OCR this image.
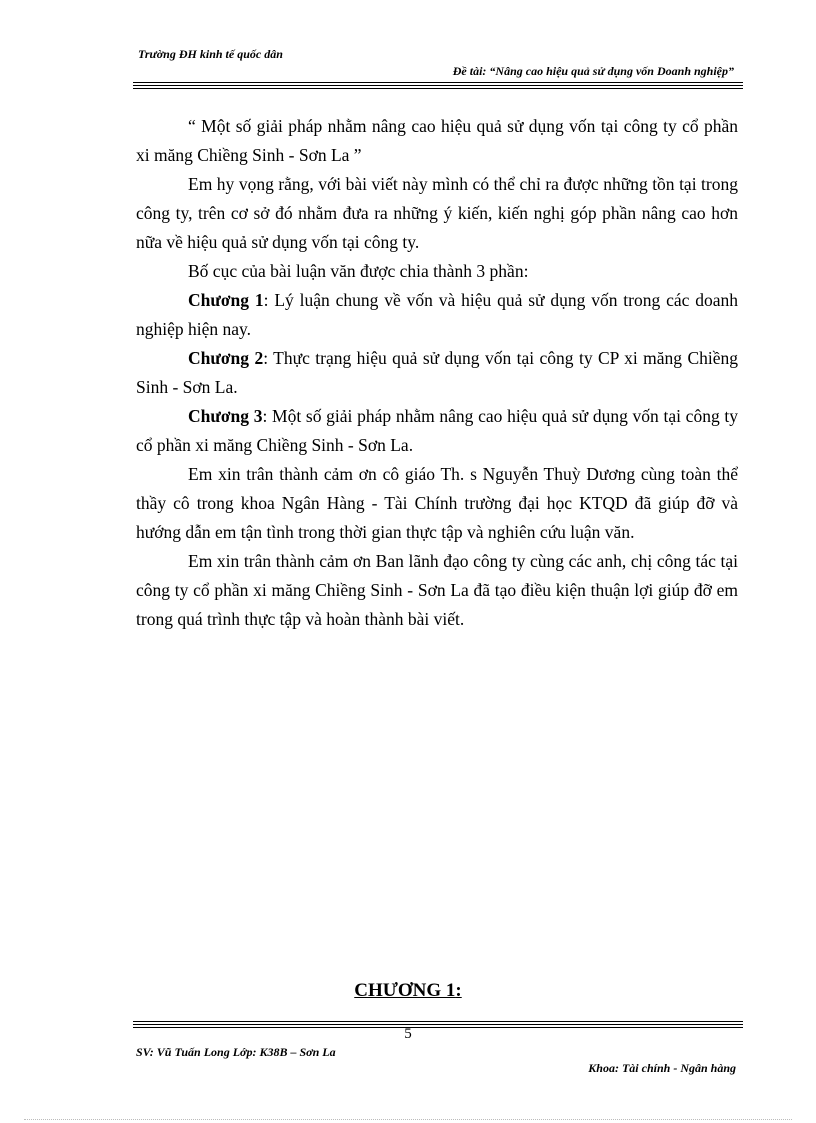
Trường ĐH kinh tế quốc dân
Đề tài: “Nâng cao hiệu quả sử dụng vốn Doanh nghiệp”

“ Một số giải pháp nhằm nâng cao hiệu quả sử dụng vốn tại công ty cổ phần xi măng Chiềng Sinh - Sơn La ”

Em hy vọng rằng, với bài viết này mình có thể chỉ ra được những tồn tại trong công ty, trên cơ sở đó nhằm đưa ra những ý kiến, kiến nghị góp phần nâng cao hơn nữa về hiệu quả sử dụng vốn tại công ty.

Bố cục của bài luận văn được chia thành 3 phần:

Chương 1: Lý luận chung về vốn và hiệu quả sử dụng vốn trong các doanh nghiệp hiện nay.

Chương 2: Thực trạng hiệu quả sử dụng vốn tại công ty CP xi măng Chiềng Sinh - Sơn La.

Chương 3: Một số giải pháp nhằm nâng cao hiệu quả sử dụng vốn tại công ty cổ phần xi măng Chiềng Sinh - Sơn La.

Em xin trân thành cảm ơn cô giáo Th. s Nguyễn Thuỳ Dương cùng toàn thể thầy cô trong khoa Ngân Hàng - Tài Chính trường đại học KTQD đã giúp đỡ và hướng dẫn em tận tình trong thời gian thực tập và nghiên cứu luận văn.

Em xin trân thành cảm ơn Ban lãnh đạo công ty cùng các anh, chị công tác tại công ty cổ phần xi măng Chiềng Sinh - Sơn La đã tạo điều kiện thuận lợi giúp đỡ em trong quá trình thực tập và hoàn thành bài viết.

CHƯƠNG 1:
5
SV: Vũ Tuấn Long Lớp: K38B – Sơn La
Khoa: Tài chính - Ngân hàng
